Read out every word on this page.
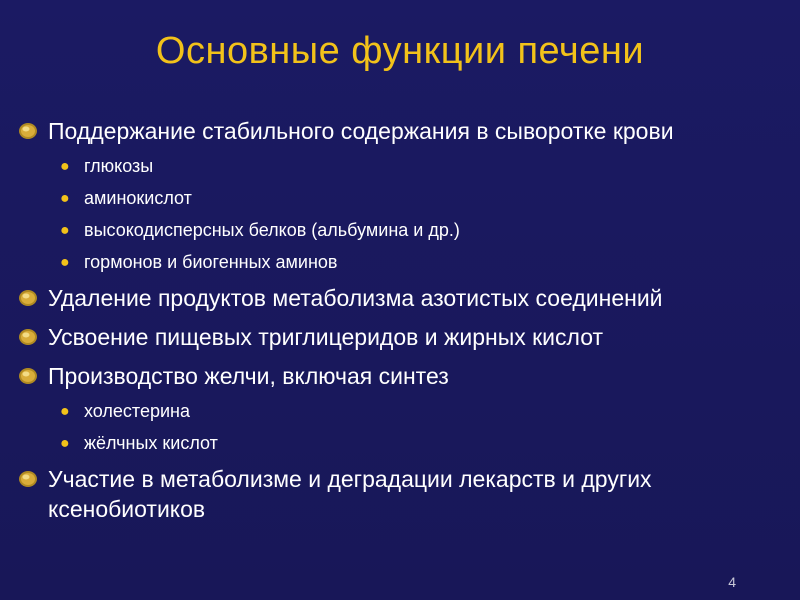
Основные функции печени
Поддержание стабильного содержания в сыворотке крови
● глюкозы
● аминокислот
● высокодисперсных белков (альбумина и др.)
● гормонов и биогенных аминов
Удаление продуктов метаболизма азотистых соединений
Усвоение пищевых триглицеридов и жирных кислот
Производство желчи, включая синтез
● холестерина
● жёлчных кислот
Участие в метаболизме и деградации лекарств и других ксенобиотиков
4
